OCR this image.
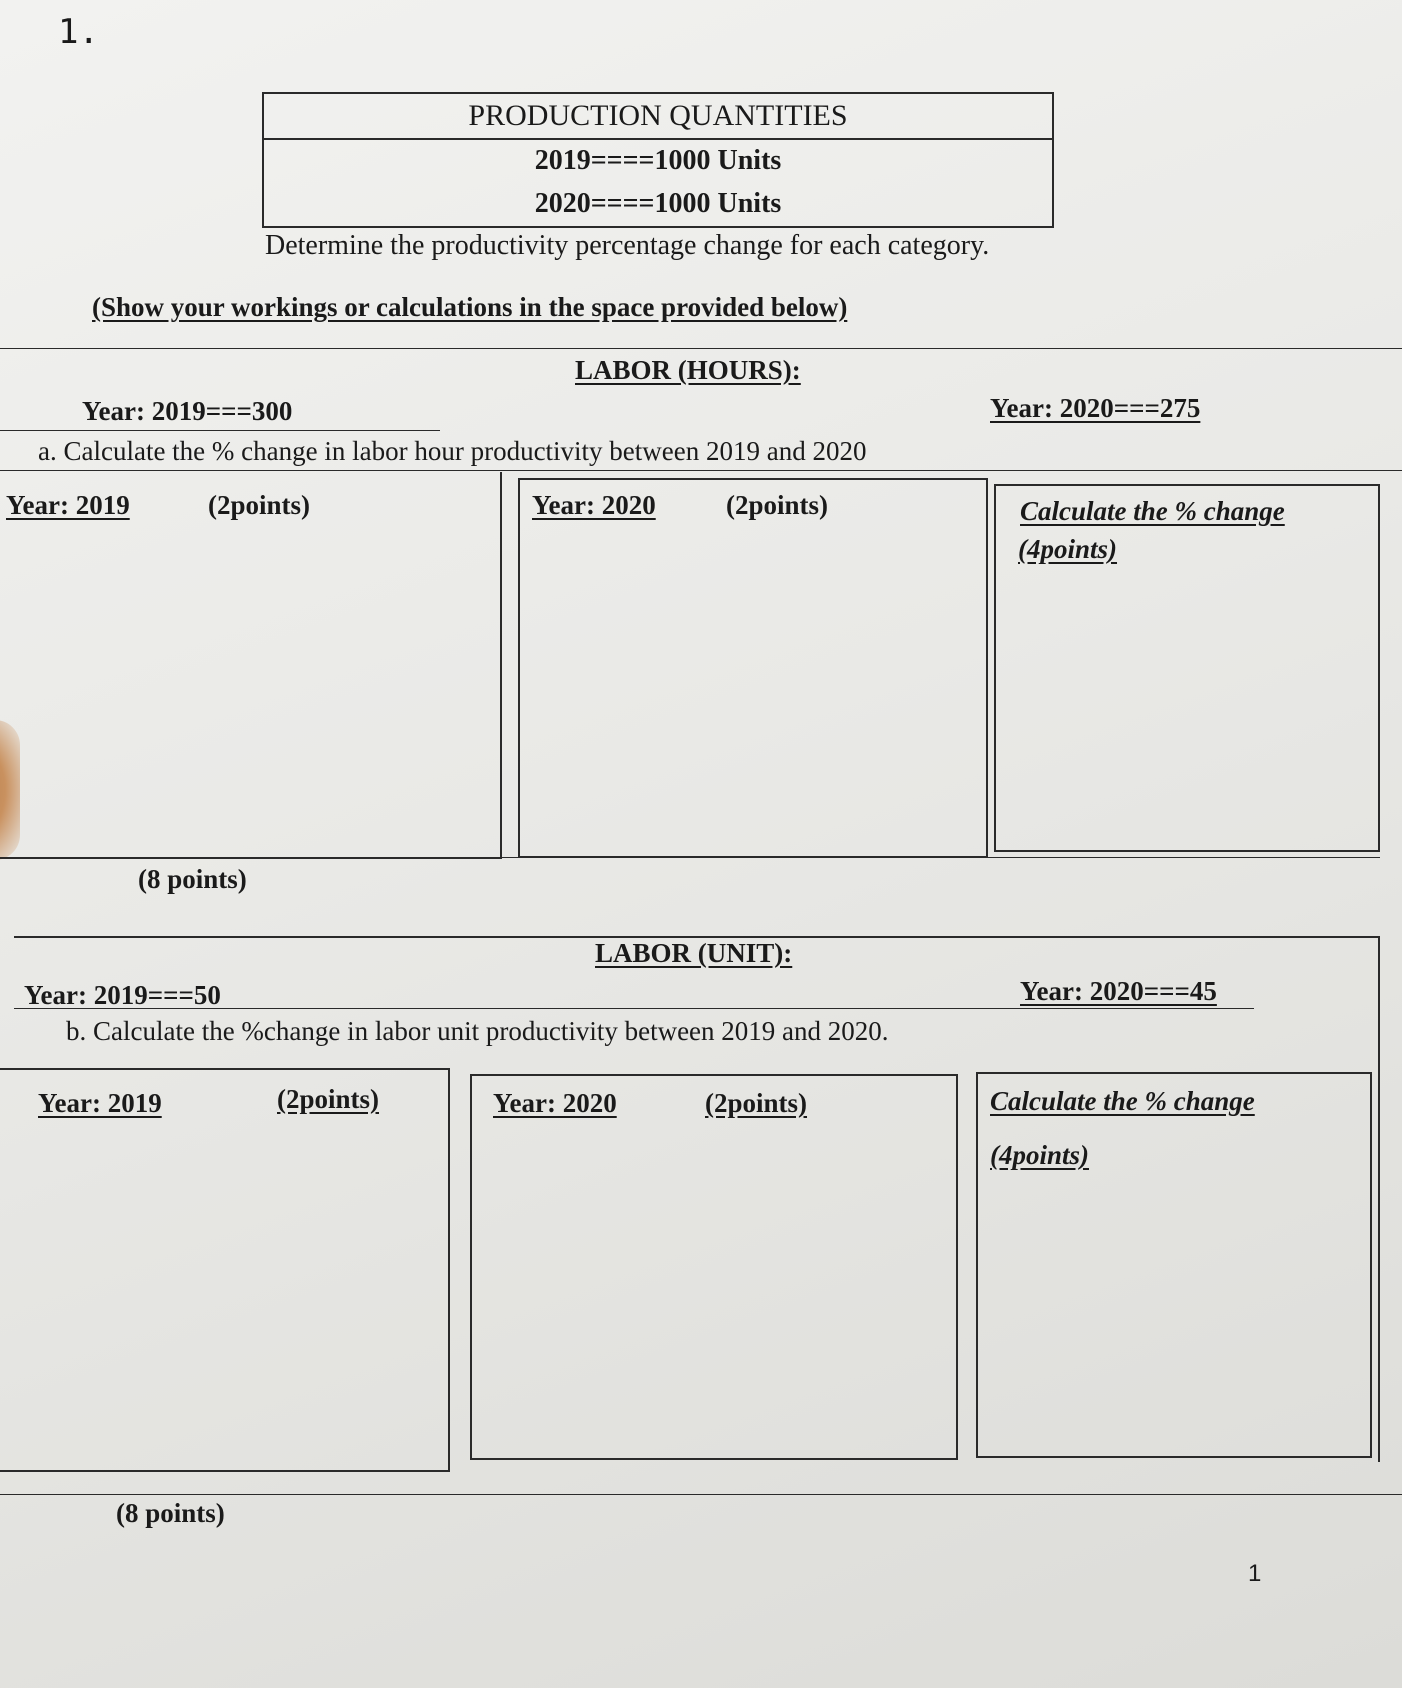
1.
PRODUCTION QUANTITIES
2019====1000 Units
2020====1000 Units
Determine the productivity percentage change for each category.
(Show your workings or calculations in the space provided below)
LABOR (HOURS):
Year: 2019===300	Year: 2020===275
a. Calculate the % change in labor hour productivity between 2019 and 2020
Year: 2019	(2points)	Year: 2020	(2points)	Calculate the % change
(4points)
(8 points)
LABOR (UNIT):
Year: 2019===50	Year: 2020===45
b. Calculate the %change in labor unit productivity between 2019 and 2020.
Year: 2019	(2points)	Year: 2020	(2points)	Calculate the % change
(4points)
(8 points)
1
